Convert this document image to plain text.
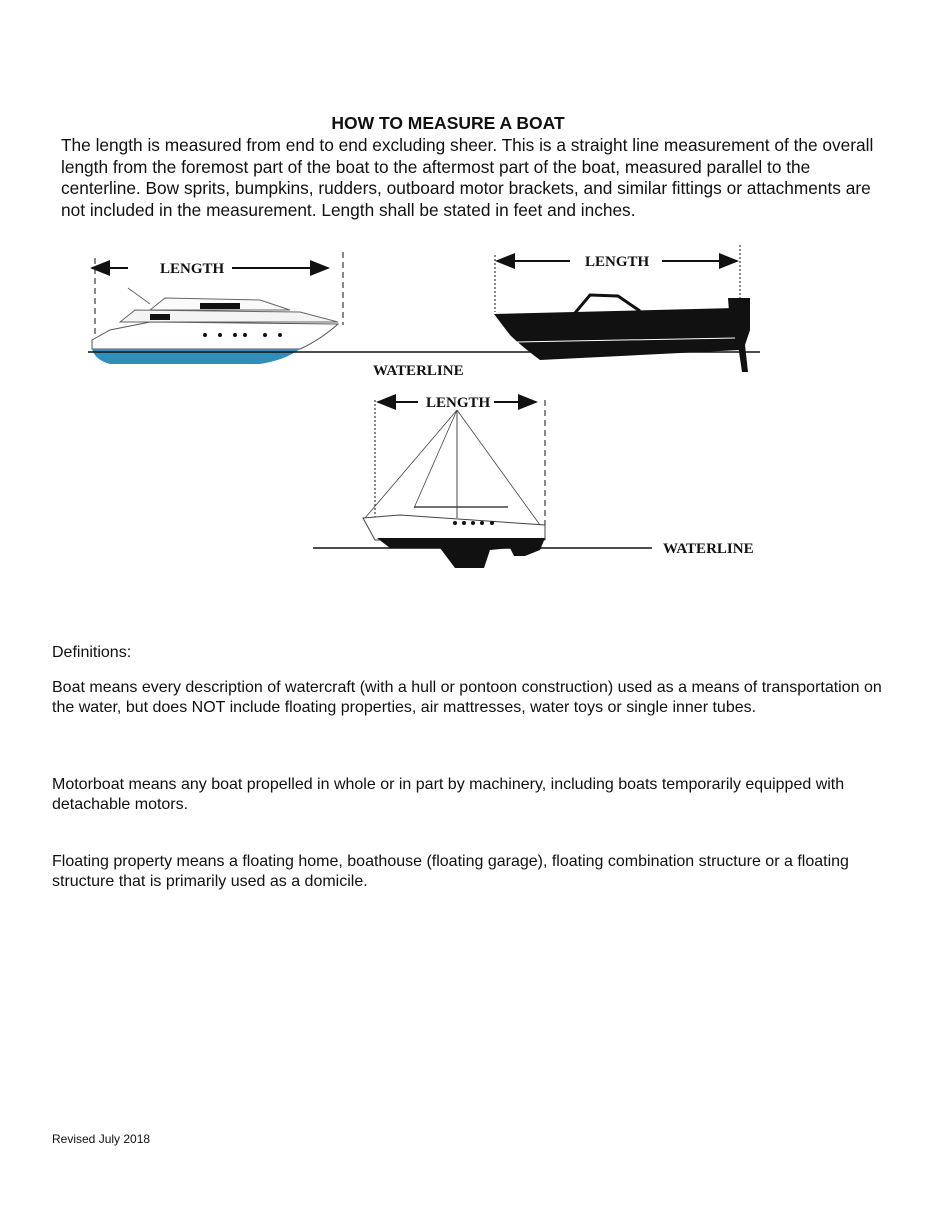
HOW TO MEASURE A BOAT
The length is measured from end to end excluding sheer. This is a straight line measurement of the overall length from the foremost part of the boat to the aftermost part of the boat, measured parallel to the centerline. Bow sprits, bumpkins, rudders, outboard motor brackets, and similar fittings or attachments are not included in the measurement. Length shall be stated in feet and inches.
LENGTH
WATERLINE
LENGTH
LENGTH
WATERLINE
Definitions:
Boat means every description of watercraft (with a hull or pontoon construction) used as a means of transportation on the water, but does NOT include floating properties, air mattresses, water toys or single inner tubes.
Motorboat means any boat propelled in whole or in part by machinery, including boats temporarily equipped with detachable motors.
Floating property means a floating home, boathouse (floating garage), floating combination structure or a floating structure that is primarily used as a domicile.
Revised July 2018
